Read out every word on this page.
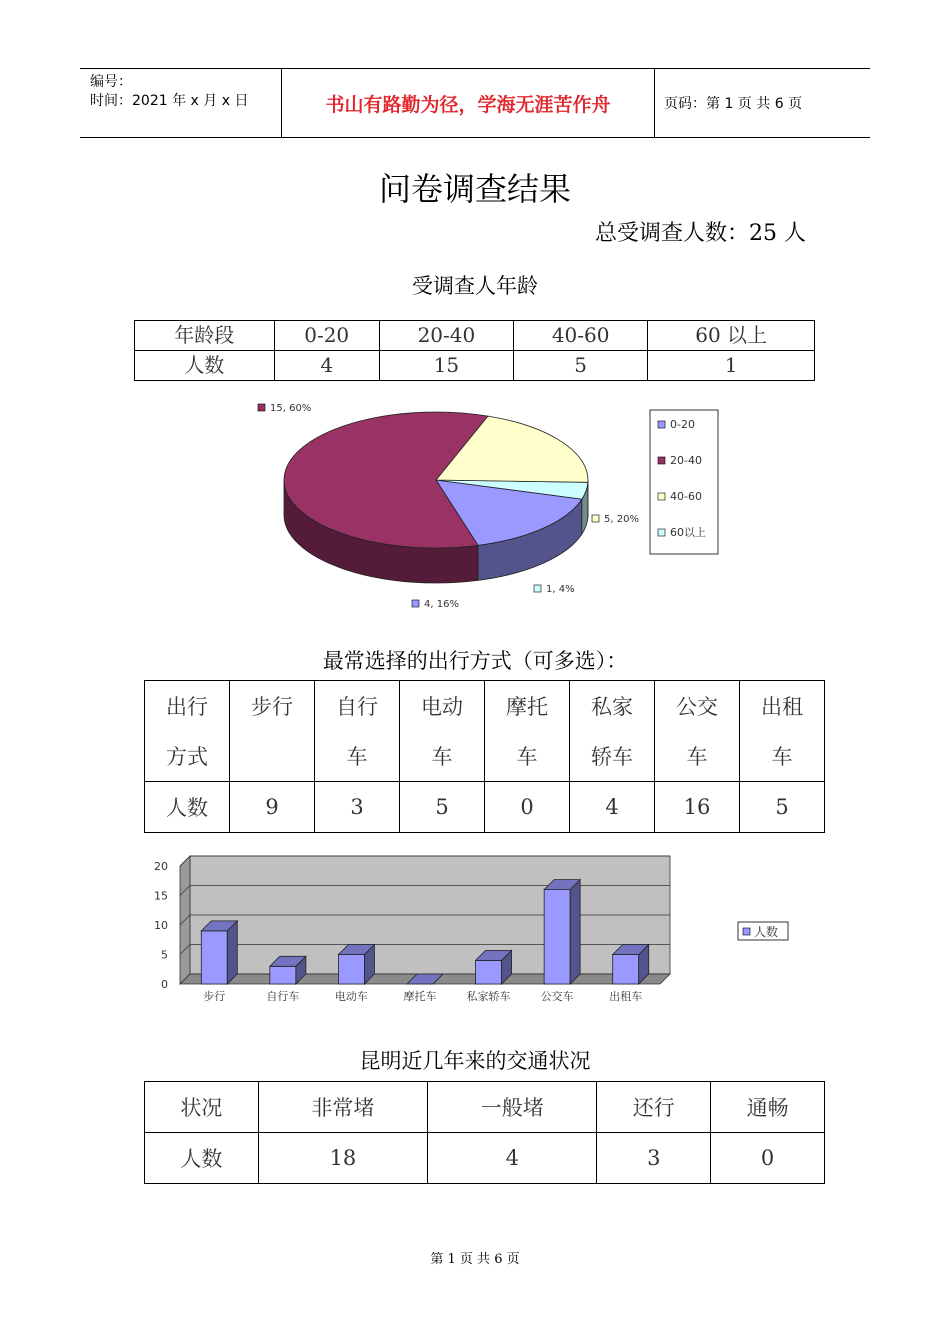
编号：
时间：2021 年 x 月 x 日	书山有路勤为径，学海无涯苦作舟	页码：第 1 页 共 6 页
问卷调查结果
总受调查人数：25 人
受调查人年龄
年龄段	0-20	20-40	40-60	60 以上
人数	4	15	5	1
4, 16%
15, 60%
5, 20%
1, 4%
0-20
20-40
40-60
60以上
最常选择的出行方式（可多选）：
出行	步行	自行	电动	摩托	私家	公交	出租
方式		车	车	车	轿车	车	车
人数	9	3	5	0	4	16	5
0
5
10
15
20
步行	自行车	电动车	摩托车	私家轿车	公交车	出租车
人数
昆明近几年来的交通状况
状况	非常堵	一般堵	还行	通畅
人数	18	4	3	0
第 1 页 共 6 页
